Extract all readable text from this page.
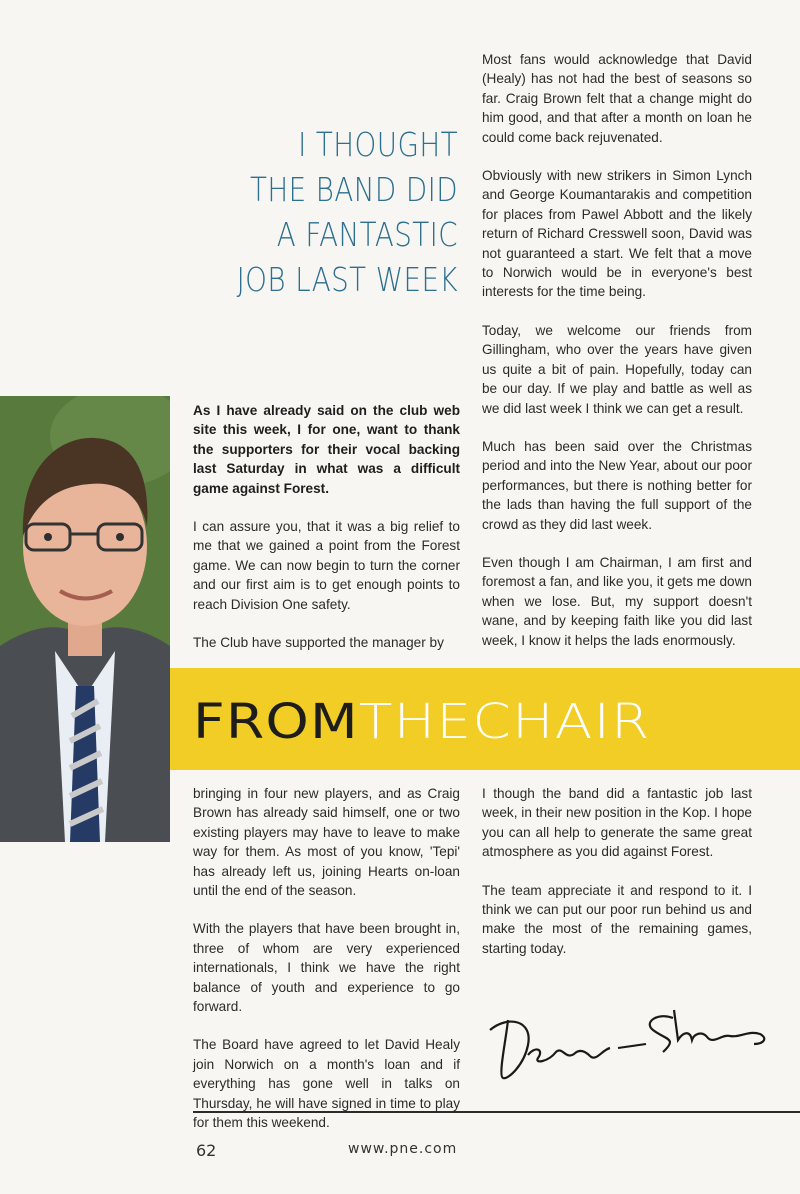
I THOUGHT
THE BAND DID
A FANTASTIC
JOB LAST WEEK

Most fans would acknowledge that David (Healy) has not had the best of seasons so far. Craig Brown felt that a change might do him good, and that after a month on loan he could come back rejuvenated.

Obviously with new strikers in Simon Lynch and George Koumantarakis and competition for places from Pawel Abbott and the likely return of Richard Cresswell soon, David was not guaranteed a start. We felt that a move to Norwich would be in everyone's best interests for the time being.

Today, we welcome our friends from Gillingham, who over the years have given us quite a bit of pain. Hopefully, today can be our day. If we play and battle as well as we did last week I think we can get a result.

Much has been said over the Christmas period and into the New Year, about our poor performances, but there is nothing better for the lads than having the full support of the crowd as they did last week.

Even though I am Chairman, I am first and foremost a fan, and like you, it gets me down when we lose. But, my support doesn't wane, and by keeping faith like you did last week, I know it helps the lads enormously.

As I have already said on the club web site this week, I for one, want to thank the supporters for their vocal backing last Saturday in what was a difficult game against Forest.

I can assure you, that it was a big relief to me that we gained a point from the Forest game. We can now begin to turn the corner and our first aim is to get enough points to reach Division One safety.

The Club have supported the manager by

FROMTHECHAIR

bringing in four new players, and as Craig Brown has already said himself, one or two existing players may have to leave to make way for them. As most of you know, 'Tepi' has already left us, joining Hearts on-loan until the end of the season.

With the players that have been brought in, three of whom are very experienced internationals, I think we have the right balance of youth and experience to go forward.

The Board have agreed to let David Healy join Norwich on a month's loan and if everything has gone well in talks on Thursday, he will have signed in time to play for them this weekend.

I though the band did a fantastic job last week, in their new position in the Kop. I hope you can all help to generate the same great atmosphere as you did against Forest.

The team appreciate it and respond to it. I think we can put our poor run behind us and make the most of the remaining games, starting today.

62	www.pne.com
